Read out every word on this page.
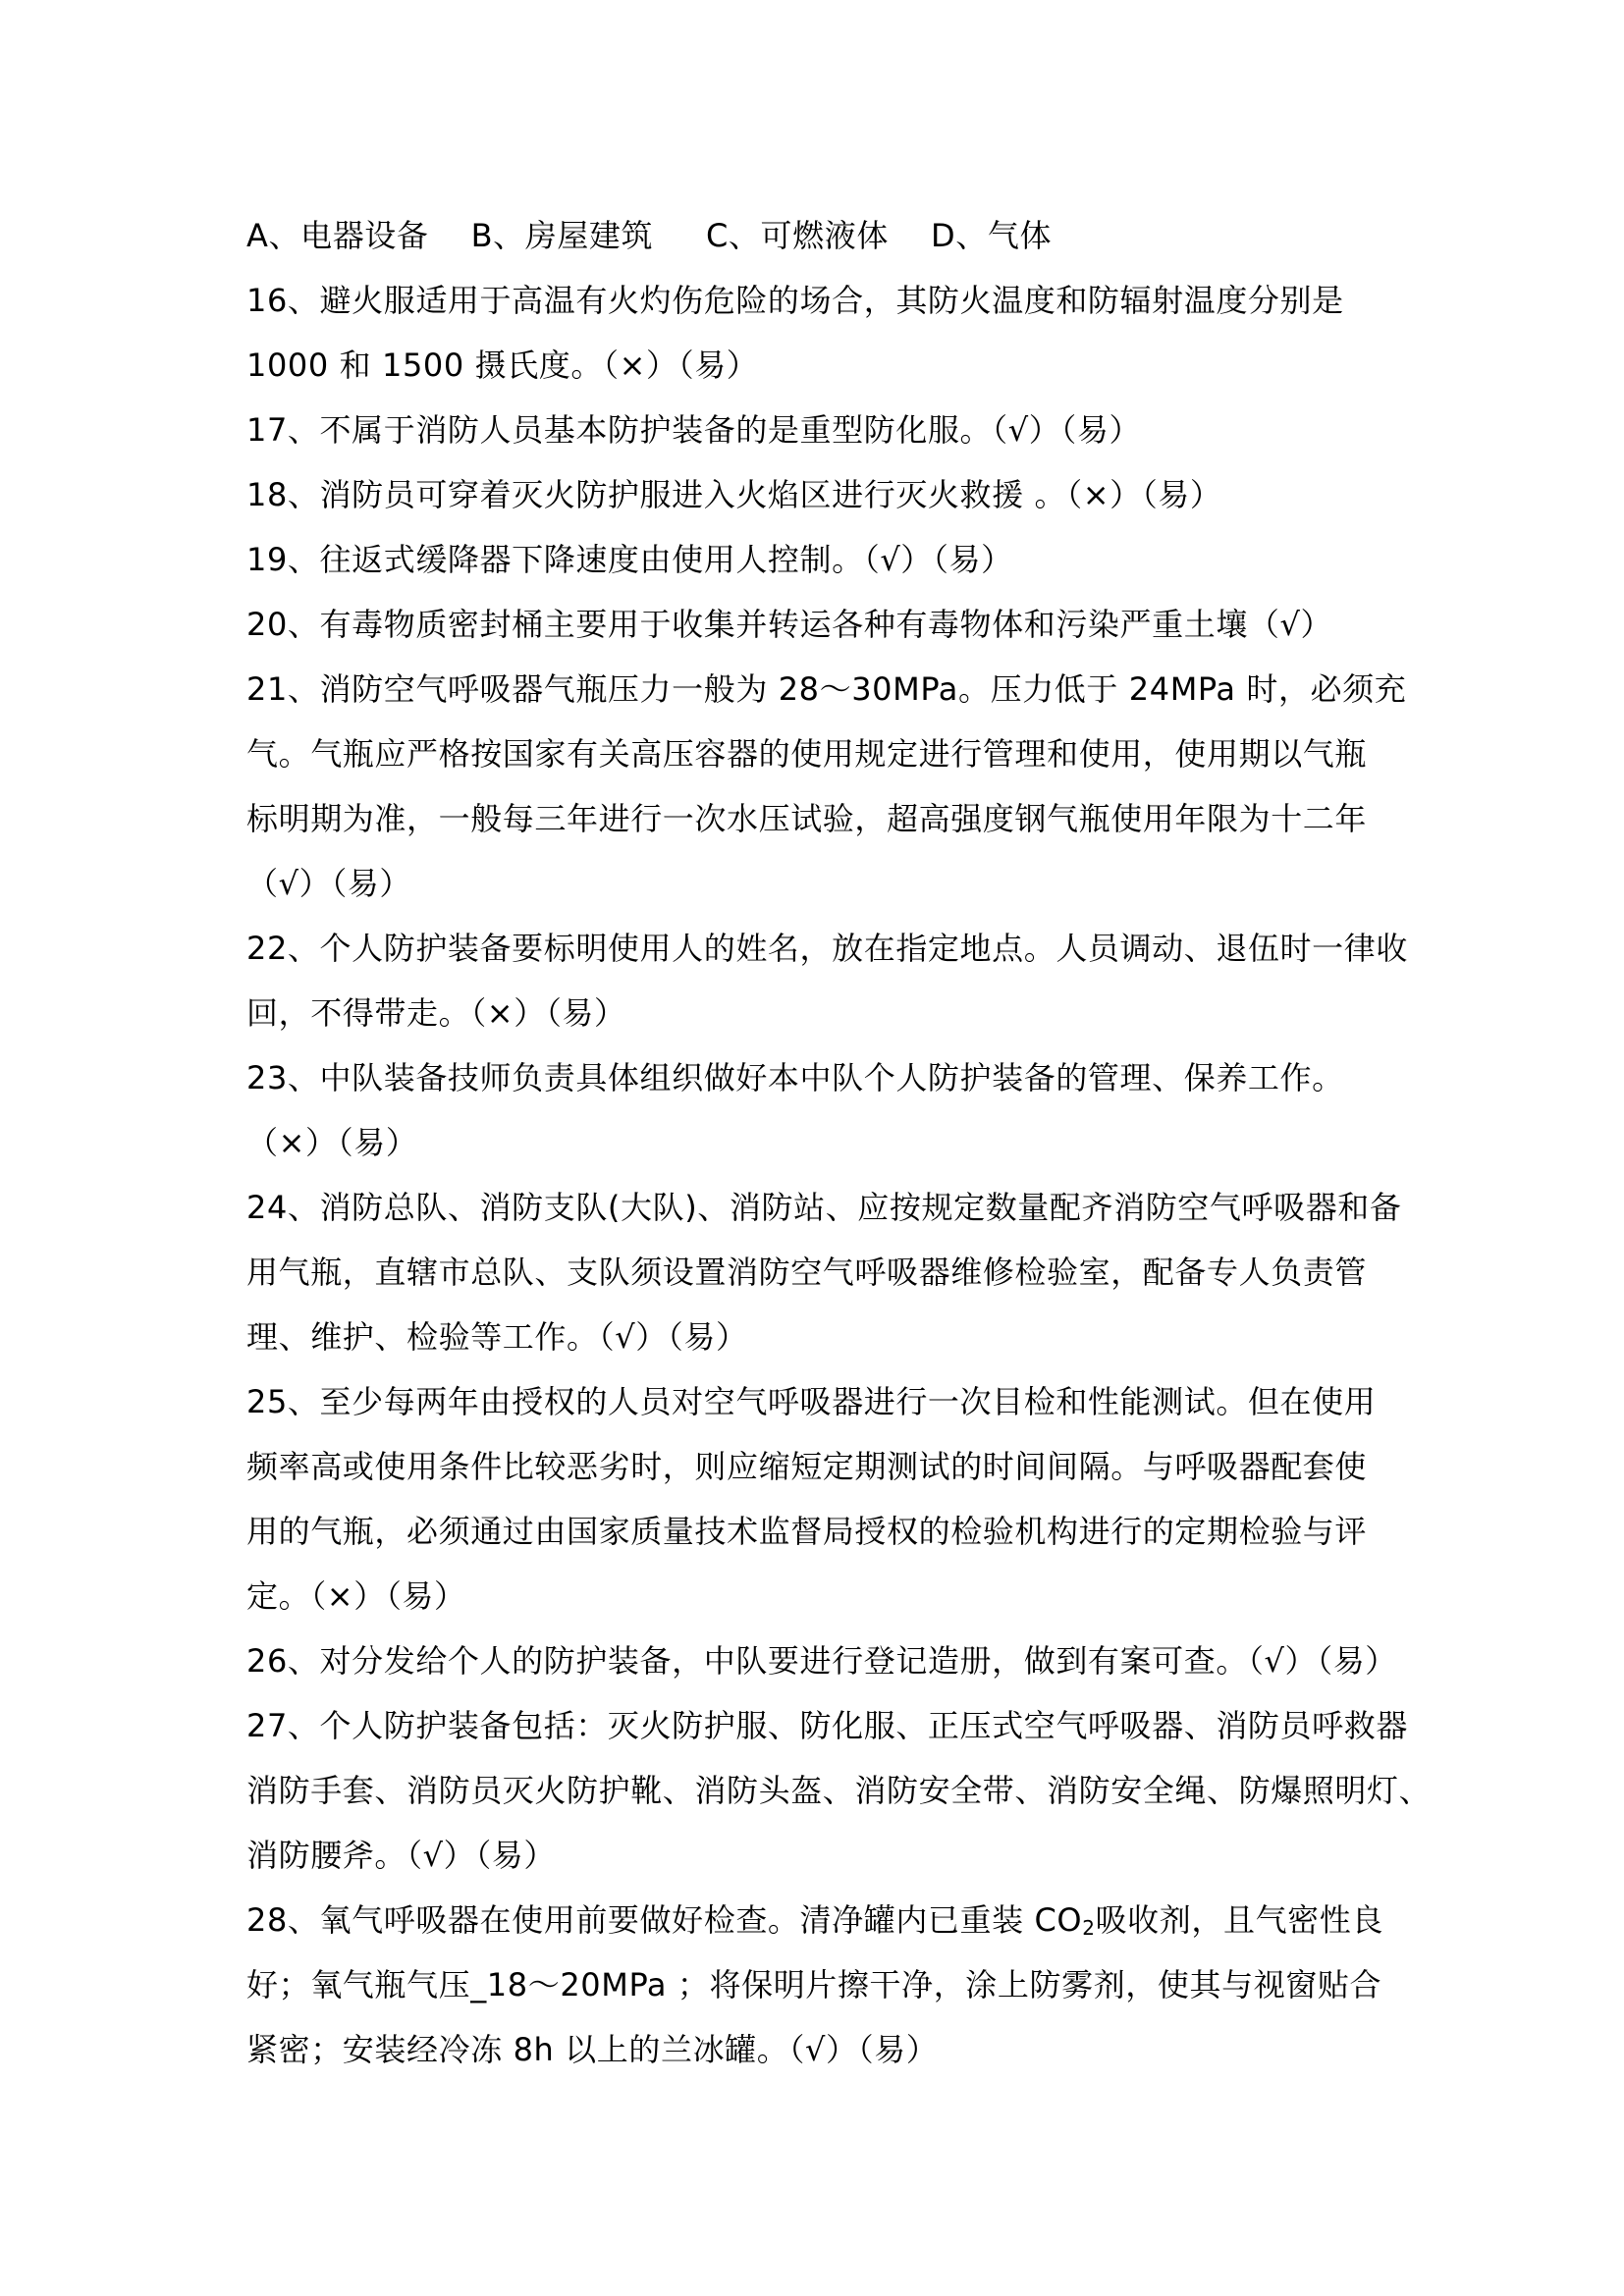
A、电器设备    B、房屋建筑     C、可燃液体    D、气体
16、避火服适用于高温有火灼伤危险的场合，其防火温度和防辐射温度分别是
1000 和 1500 摄氏度。（×）（易）
17、不属于消防人员基本防护装备的是重型防化服。（√）（易）
18、消防员可穿着灭火防护服进入火焰区进行灭火救援 。（×）（易）
19、往返式缓降器下降速度由使用人控制。（√）（易）
20、有毒物质密封桶主要用于收集并转运各种有毒物体和污染严重土壤（√）
21、消防空气呼吸器气瓶压力一般为 28～30MPa。压力低于 24MPa 时，必须充
气。气瓶应严格按国家有关高压容器的使用规定进行管理和使用，使用期以气瓶
标明期为准，一般每三年进行一次水压试验，超高强度钢气瓶使用年限为十二年
（√）（易）
22、个人防护装备要标明使用人的姓名，放在指定地点。人员调动、退伍时一律收
回，不得带走。（×）（易）
23、中队装备技师负责具体组织做好本中队个人防护装备的管理、保养工作。
（×）（易）
24、消防总队、消防支队(大队)、消防站、应按规定数量配齐消防空气呼吸器和备
用气瓶，直辖市总队、支队须设置消防空气呼吸器维修检验室，配备专人负责管
理、维护、检验等工作。（√）（易）
25、至少每两年由授权的人员对空气呼吸器进行一次目检和性能测试。但在使用
频率高或使用条件比较恶劣时，则应缩短定期测试的时间间隔。与呼吸器配套使
用的气瓶，必须通过由国家质量技术监督局授权的检验机构进行的定期检验与评
定。（×）（易）
26、对分发给个人的防护装备，中队要进行登记造册，做到有案可查。（√）（易）
27、个人防护装备包括：灭火防护服、防化服、正压式空气呼吸器、消防员呼救器
消防手套、消防员灭火防护靴、消防头盔、消防安全带、消防安全绳、防爆照明灯、
消防腰斧。（√）（易）
28、氧气呼吸器在使用前要做好检查。清净罐内已重装 $CO_2$吸收剂，且气密性良
好；氧气瓶气压_18～20MPa ；将保明片擦干净，涂上防雾剂，使其与视窗贴合
紧密；安装经冷冻 8h 以上的兰冰罐。（√）（易）
